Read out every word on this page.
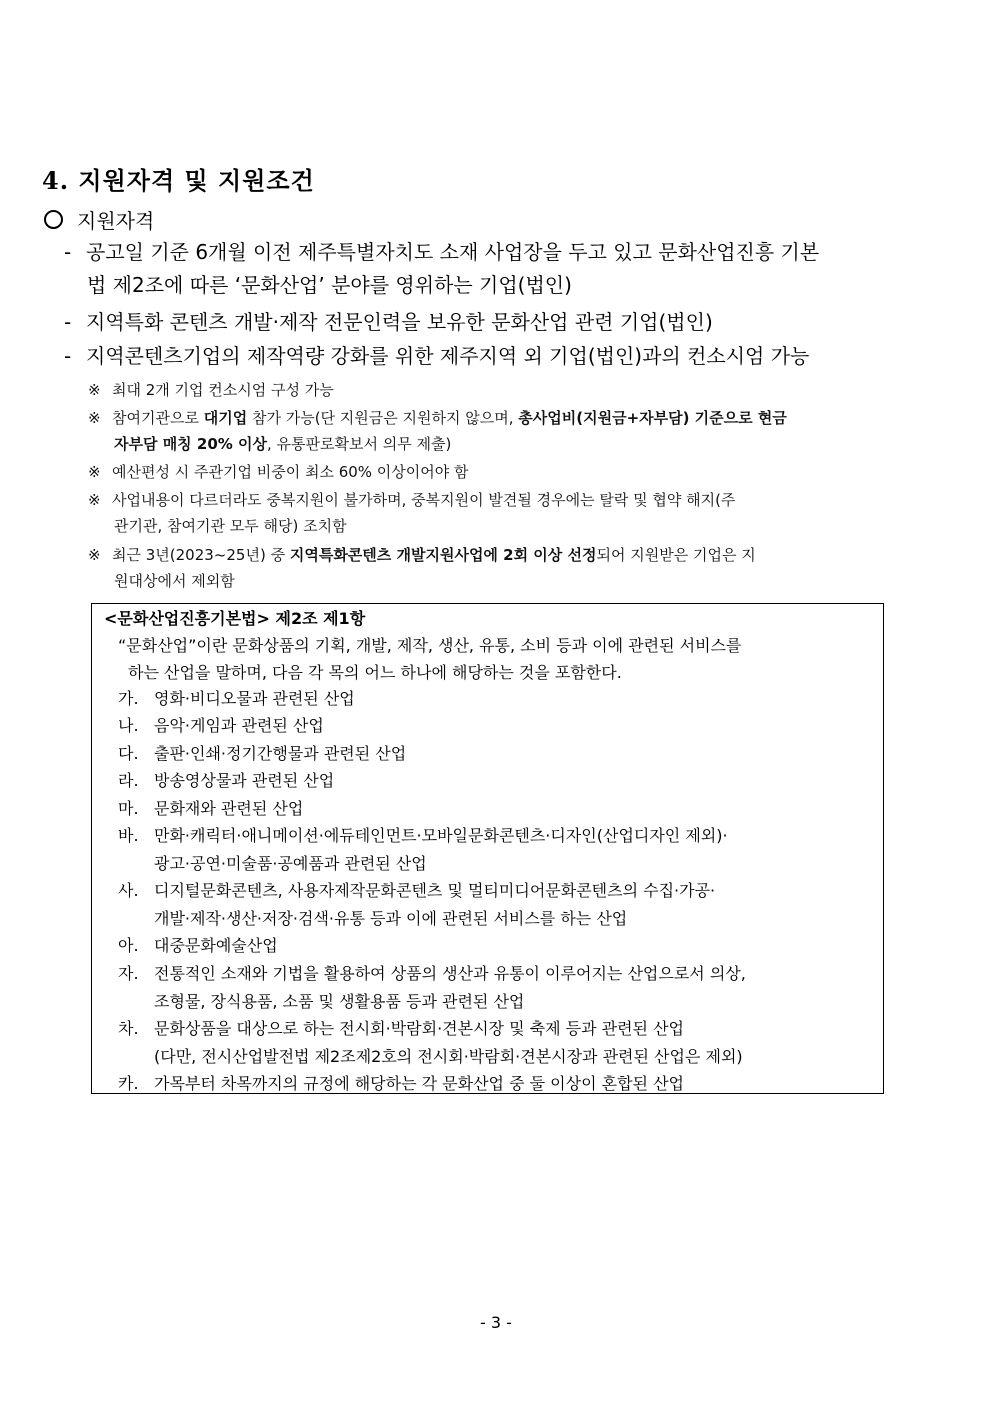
4. 지원자격 및 지원조건
지원자격
- 공고일 기준 6개월 이전 제주특별자치도 소재 사업장을 두고 있고 문화산업진흥 기본
법 제2조에 따른 ‘문화산업’ 분야를 영위하는 기업(법인)
- 지역특화 콘텐츠 개발·제작 전문인력을 보유한 문화산업 관련 기업(법인)
- 지역콘텐츠기업의 제작역량 강화를 위한 제주지역 외 기업(법인)과의 컨소시엄 가능
※ 최대 2개 기업 컨소시엄 구성 가능
※ 참여기관으로 대기업 참가 가능(단 지원금은 지원하지 않으며, 총사업비(지원금+자부담) 기준으로 현금
자부담 매칭 20% 이상, 유통판로확보서 의무 제출)
※ 예산편성 시 주관기업 비중이 최소 60% 이상이어야 함
※ 사업내용이 다르더라도 중복지원이 불가하며, 중복지원이 발견될 경우에는 탈락 및 협약 해지(주
관기관, 참여기관 모두 해당) 조치함
※ 최근 3년(2023~25년) 중 지역특화콘텐츠 개발지원사업에 2회 이상 선정되어 지원받은 기업은 지
원대상에서 제외함
<문화산업진흥기본법> 제2조 제1항
“문화산업”이란 문화상품의 기획, 개발, 제작, 생산, 유통, 소비 등과 이에 관련된 서비스를
하는 산업을 말하며, 다음 각 목의 어느 하나에 해당하는 것을 포함한다.
가. 영화·비디오물과 관련된 산업
나. 음악·게임과 관련된 산업
다. 출판·인쇄·정기간행물과 관련된 산업
라. 방송영상물과 관련된 산업
마. 문화재와 관련된 산업
바. 만화·캐릭터·애니메이션·에듀테인먼트·모바일문화콘텐츠·디자인(산업디자인 제외)·
광고·공연·미술품·공예품과 관련된 산업
사. 디지털문화콘텐츠, 사용자제작문화콘텐츠 및 멀티미디어문화콘텐츠의 수집·가공·
개발·제작·생산·저장·검색·유통 등과 이에 관련된 서비스를 하는 산업
아. 대중문화예술산업
자. 전통적인 소재와 기법을 활용하여 상품의 생산과 유통이 이루어지는 산업으로서 의상,
조형물, 장식용품, 소품 및 생활용품 등과 관련된 산업
차. 문화상품을 대상으로 하는 전시회·박람회·견본시장 및 축제 등과 관련된 산업
(다만, 전시산업발전법 제2조제2호의 전시회·박람회·견본시장과 관련된 산업은 제외)
카. 가목부터 차목까지의 규정에 해당하는 각 문화산업 중 둘 이상이 혼합된 산업
- 3 -
